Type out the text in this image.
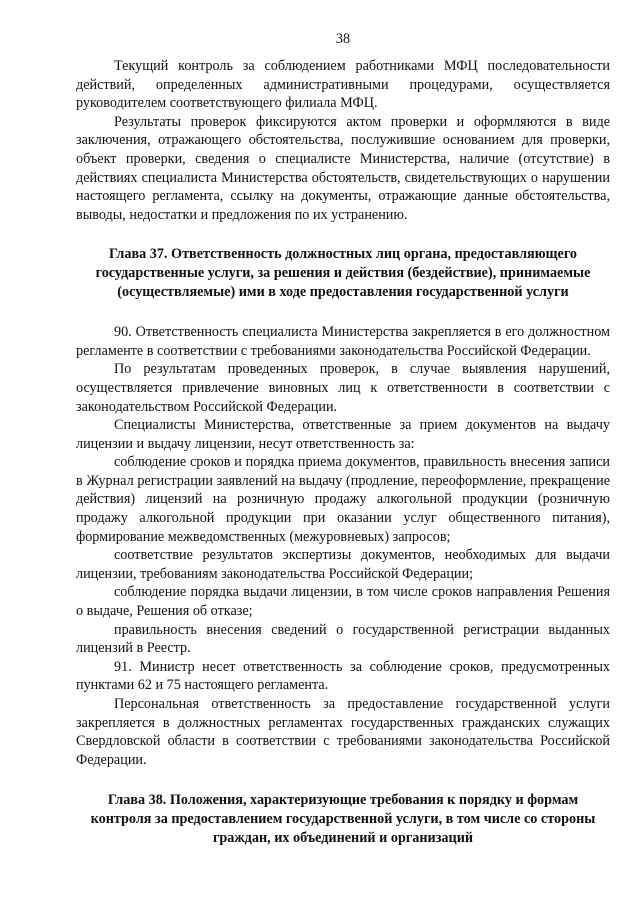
38

Текущий контроль за соблюдением работниками МФЦ последовательности действий, определенных административными процедурами, осуществляется руководителем соответствующего филиала МФЦ.

Результаты проверок фиксируются актом проверки и оформляются в виде заключения, отражающего обстоятельства, послужившие основанием для проверки, объект проверки, сведения о специалисте Министерства, наличие (отсутствие) в действиях специалиста Министерства обстоятельств, свидетельствующих о нарушении настоящего регламента, ссылку на документы, отражающие данные обстоятельства, выводы, недостатки и предложения по их устранению.

Глава 37. Ответственность должностных лиц органа, предоставляющего государственные услуги, за решения и действия (бездействие), принимаемые (осуществляемые) ими в ходе предоставления государственной услуги

90. Ответственность специалиста Министерства закрепляется в его должностном регламенте в соответствии с требованиями законодательства Российской Федерации.

По результатам проведенных проверок, в случае выявления нарушений, осуществляется привлечение виновных лиц к ответственности в соответствии с законодательством Российской Федерации.

Специалисты Министерства, ответственные за прием документов на выдачу лицензии и выдачу лицензии, несут ответственность за:

соблюдение сроков и порядка приема документов, правильность внесения записи в Журнал регистрации заявлений на выдачу (продление, переоформление, прекращение действия) лицензий на розничную продажу алкогольной продукции (розничную продажу алкогольной продукции при оказании услуг общественного питания), формирование межведомственных (межуровневых) запросов;

соответствие результатов экспертизы документов, необходимых для выдачи лицензии, требованиям законодательства Российской Федерации;

соблюдение порядка выдачи лицензии, в том числе сроков направления Решения о выдаче, Решения об отказе;

правильность внесения сведений о государственной регистрации выданных лицензий в Реестр.

91. Министр несет ответственность за соблюдение сроков, предусмотренных пунктами 62 и 75 настоящего регламента.

Персональная ответственность за предоставление государственной услуги закрепляется в должностных регламентах государственных гражданских служащих Свердловской области в соответствии с требованиями законодательства Российской Федерации.

Глава 38. Положения, характеризующие требования к порядку и формам контроля за предоставлением государственной услуги, в том числе со стороны граждан, их объединений и организаций
